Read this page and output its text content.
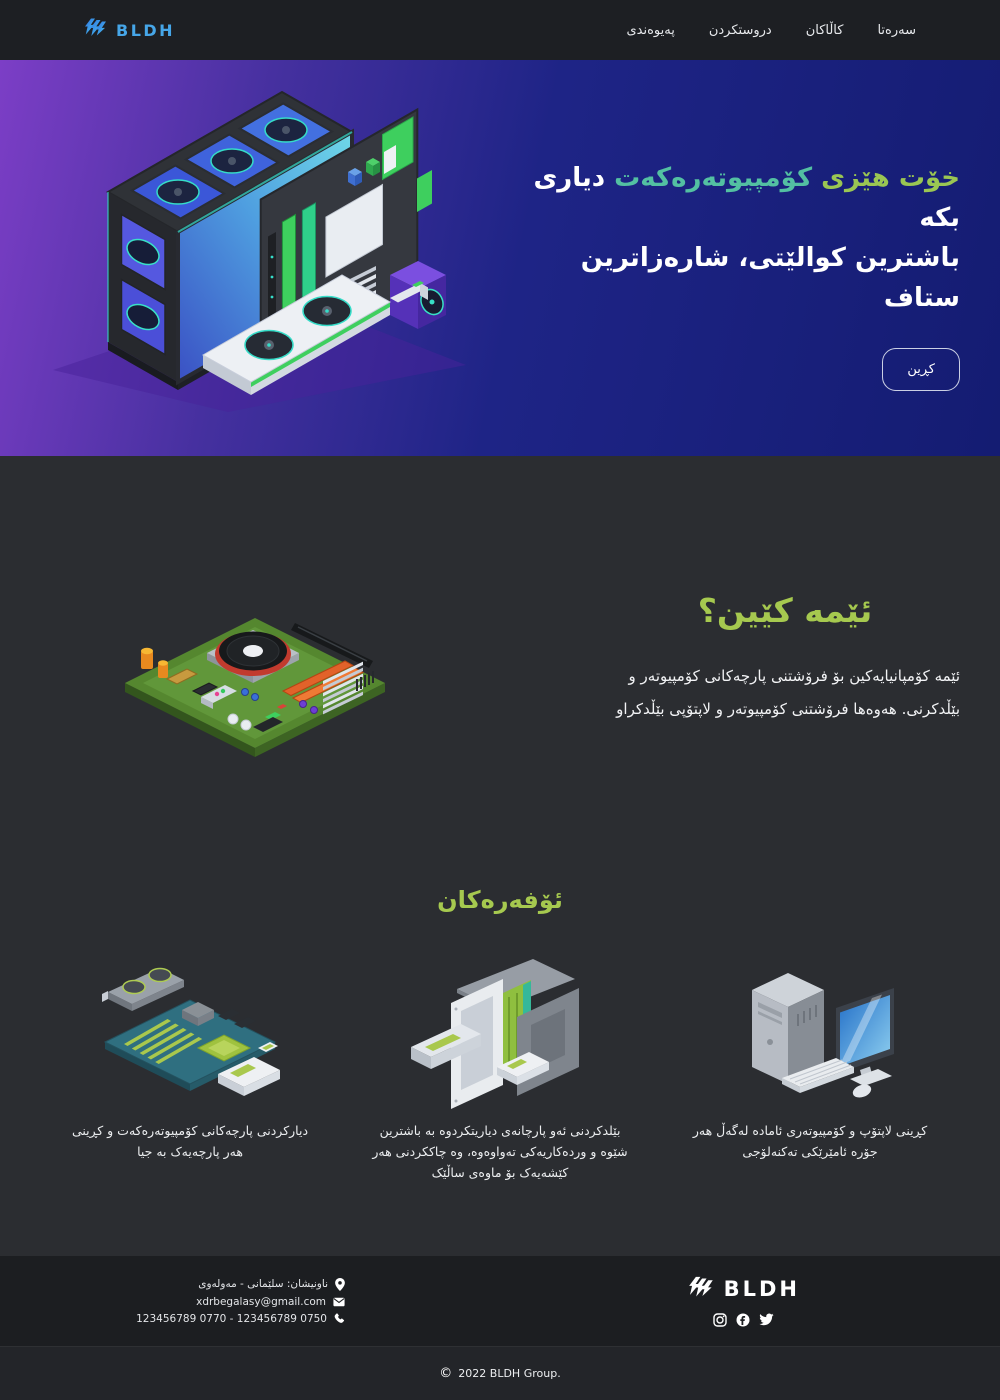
BLDH	سەرەتا
کاڵاکان
دروستکردن
پەیوەندی
خۆت هێزی کۆمپیوتەرەکەت دیاری بکە
باشترین کوالێتی، شارەزاترین ستاف
کڕین
ئێمه کێین؟
ئێمه کۆمپانیایەکین بۆ فرۆشتنی پارچەکانی کۆمپیوتەر و بێڵدکرنی. هەوەها فرۆشتنی کۆمپیوتەر و لاپتۆپی بێڵدکراو
ئۆفەرەکان
دیارکردنی پارچەکانی کۆمپیوتەرەکەت و کڕینی هەر پارچەیەک بە جیا
بێلدکردنی ئەو پارچانەی دیاریتکردوه بە باشترین شێوه و وردەکاریەکی تەواوەوە، وە چاککردنی هەر کێشەیەک بۆ ماوەی ساڵێک
کڕینی لاپتۆپ و کۆمپیوتەری ئاماده لەگەڵ هەر جۆرە ئامێرێکی تەکنەلۆجی
ناونیشان: سلێمانی - مەولەوی
xdrbegalasy@gmail.com
0750 123456789 - 0770 123456789
BLDH
© 2022 BLDH Group.
